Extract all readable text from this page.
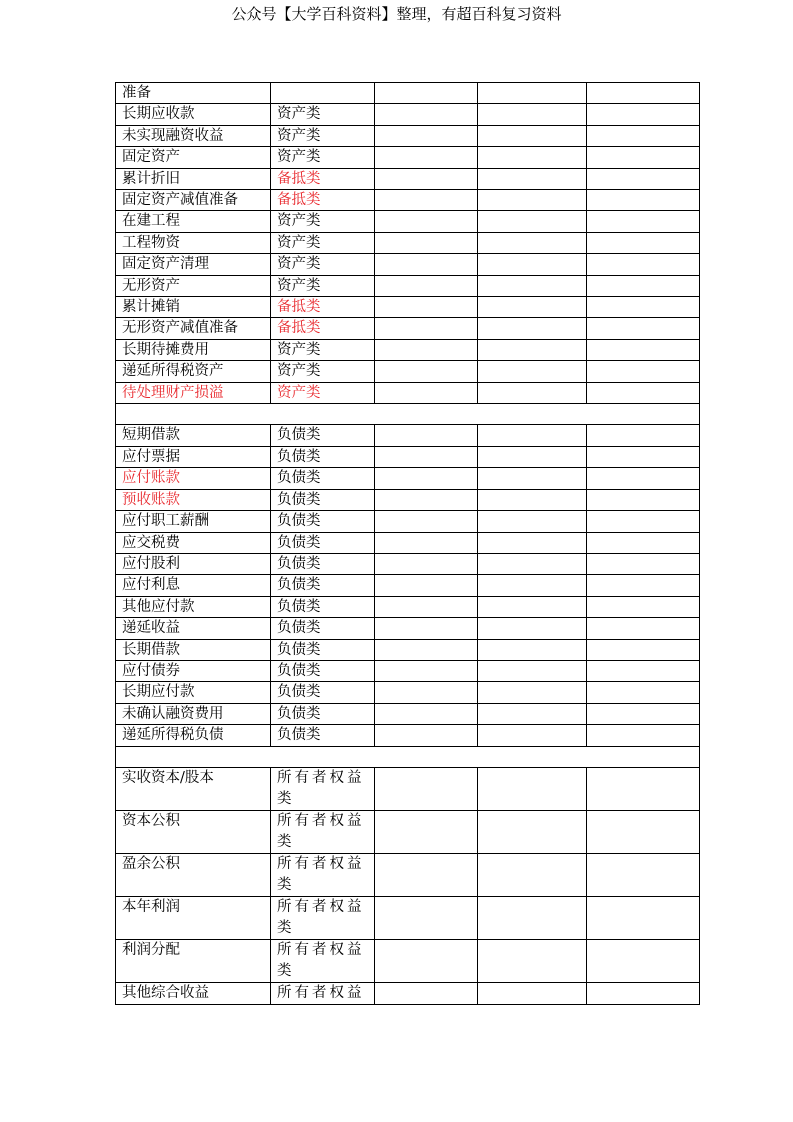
公众号【大学百科资料】整理，有超百科复习资料
准备				
长期应收款	资产类			
未实现融资收益	资产类			
固定资产	资产类			
累计折旧	备抵类			
固定资产减值准备	备抵类			
在建工程	资产类			
工程物资	资产类			
固定资产清理	资产类			
无形资产	资产类			
累计摊销	备抵类			
无形资产减值准备	备抵类			
长期待摊费用	资产类			
递延所得税资产	资产类			
待处理财产损溢	资产类			

短期借款	负债类			
应付票据	负债类			
应付账款	负债类			
预收账款	负债类			
应付职工薪酬	负债类			
应交税费	负债类			
应付股利	负债类			
应付利息	负债类			
其他应付款	负债类			
递延收益	负债类			
长期借款	负债类			
应付债券	负债类			
长期应付款	负债类			
未确认融资费用	负债类			
递延所得税负债	负债类			

实收资本/股本	所有者权益类			
资本公积	所有者权益类			
盈余公积	所有者权益类			
本年利润	所有者权益类			
利润分配	所有者权益类			
其他综合收益	所有者权益			
